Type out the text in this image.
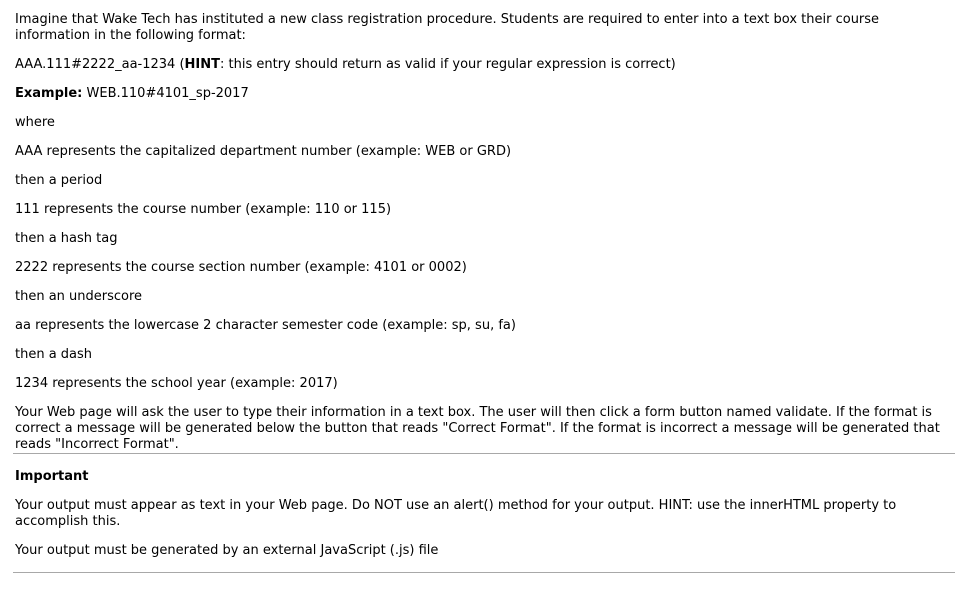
Imagine that Wake Tech has instituted a new class registration procedure. Students are required to enter into a text box their course information in the following format:

AAA.111#2222_aa-1234 (HINT: this entry should return as valid if your regular expression is correct)

Example: WEB.110#4101_sp-2017

where

AAA represents the capitalized department number (example: WEB or GRD)

then a period

111 represents the course number (example: 110 or 115)

then a hash tag

2222 represents the course section number (example: 4101 or 0002)

then an underscore

aa represents the lowercase 2 character semester code (example: sp, su, fa)

then a dash

1234 represents the school year (example: 2017)

Your Web page will ask the user to type their information in a text box. The user will then click a form button named validate. If the format is correct a message will be generated below the button that reads "Correct Format". If the format is incorrect a message will be generated that reads "Incorrect Format".

Important

Your output must appear as text in your Web page. Do NOT use an alert() method for your output. HINT: use the innerHTML property to accomplish this.

Your output must be generated by an external JavaScript (.js) file
